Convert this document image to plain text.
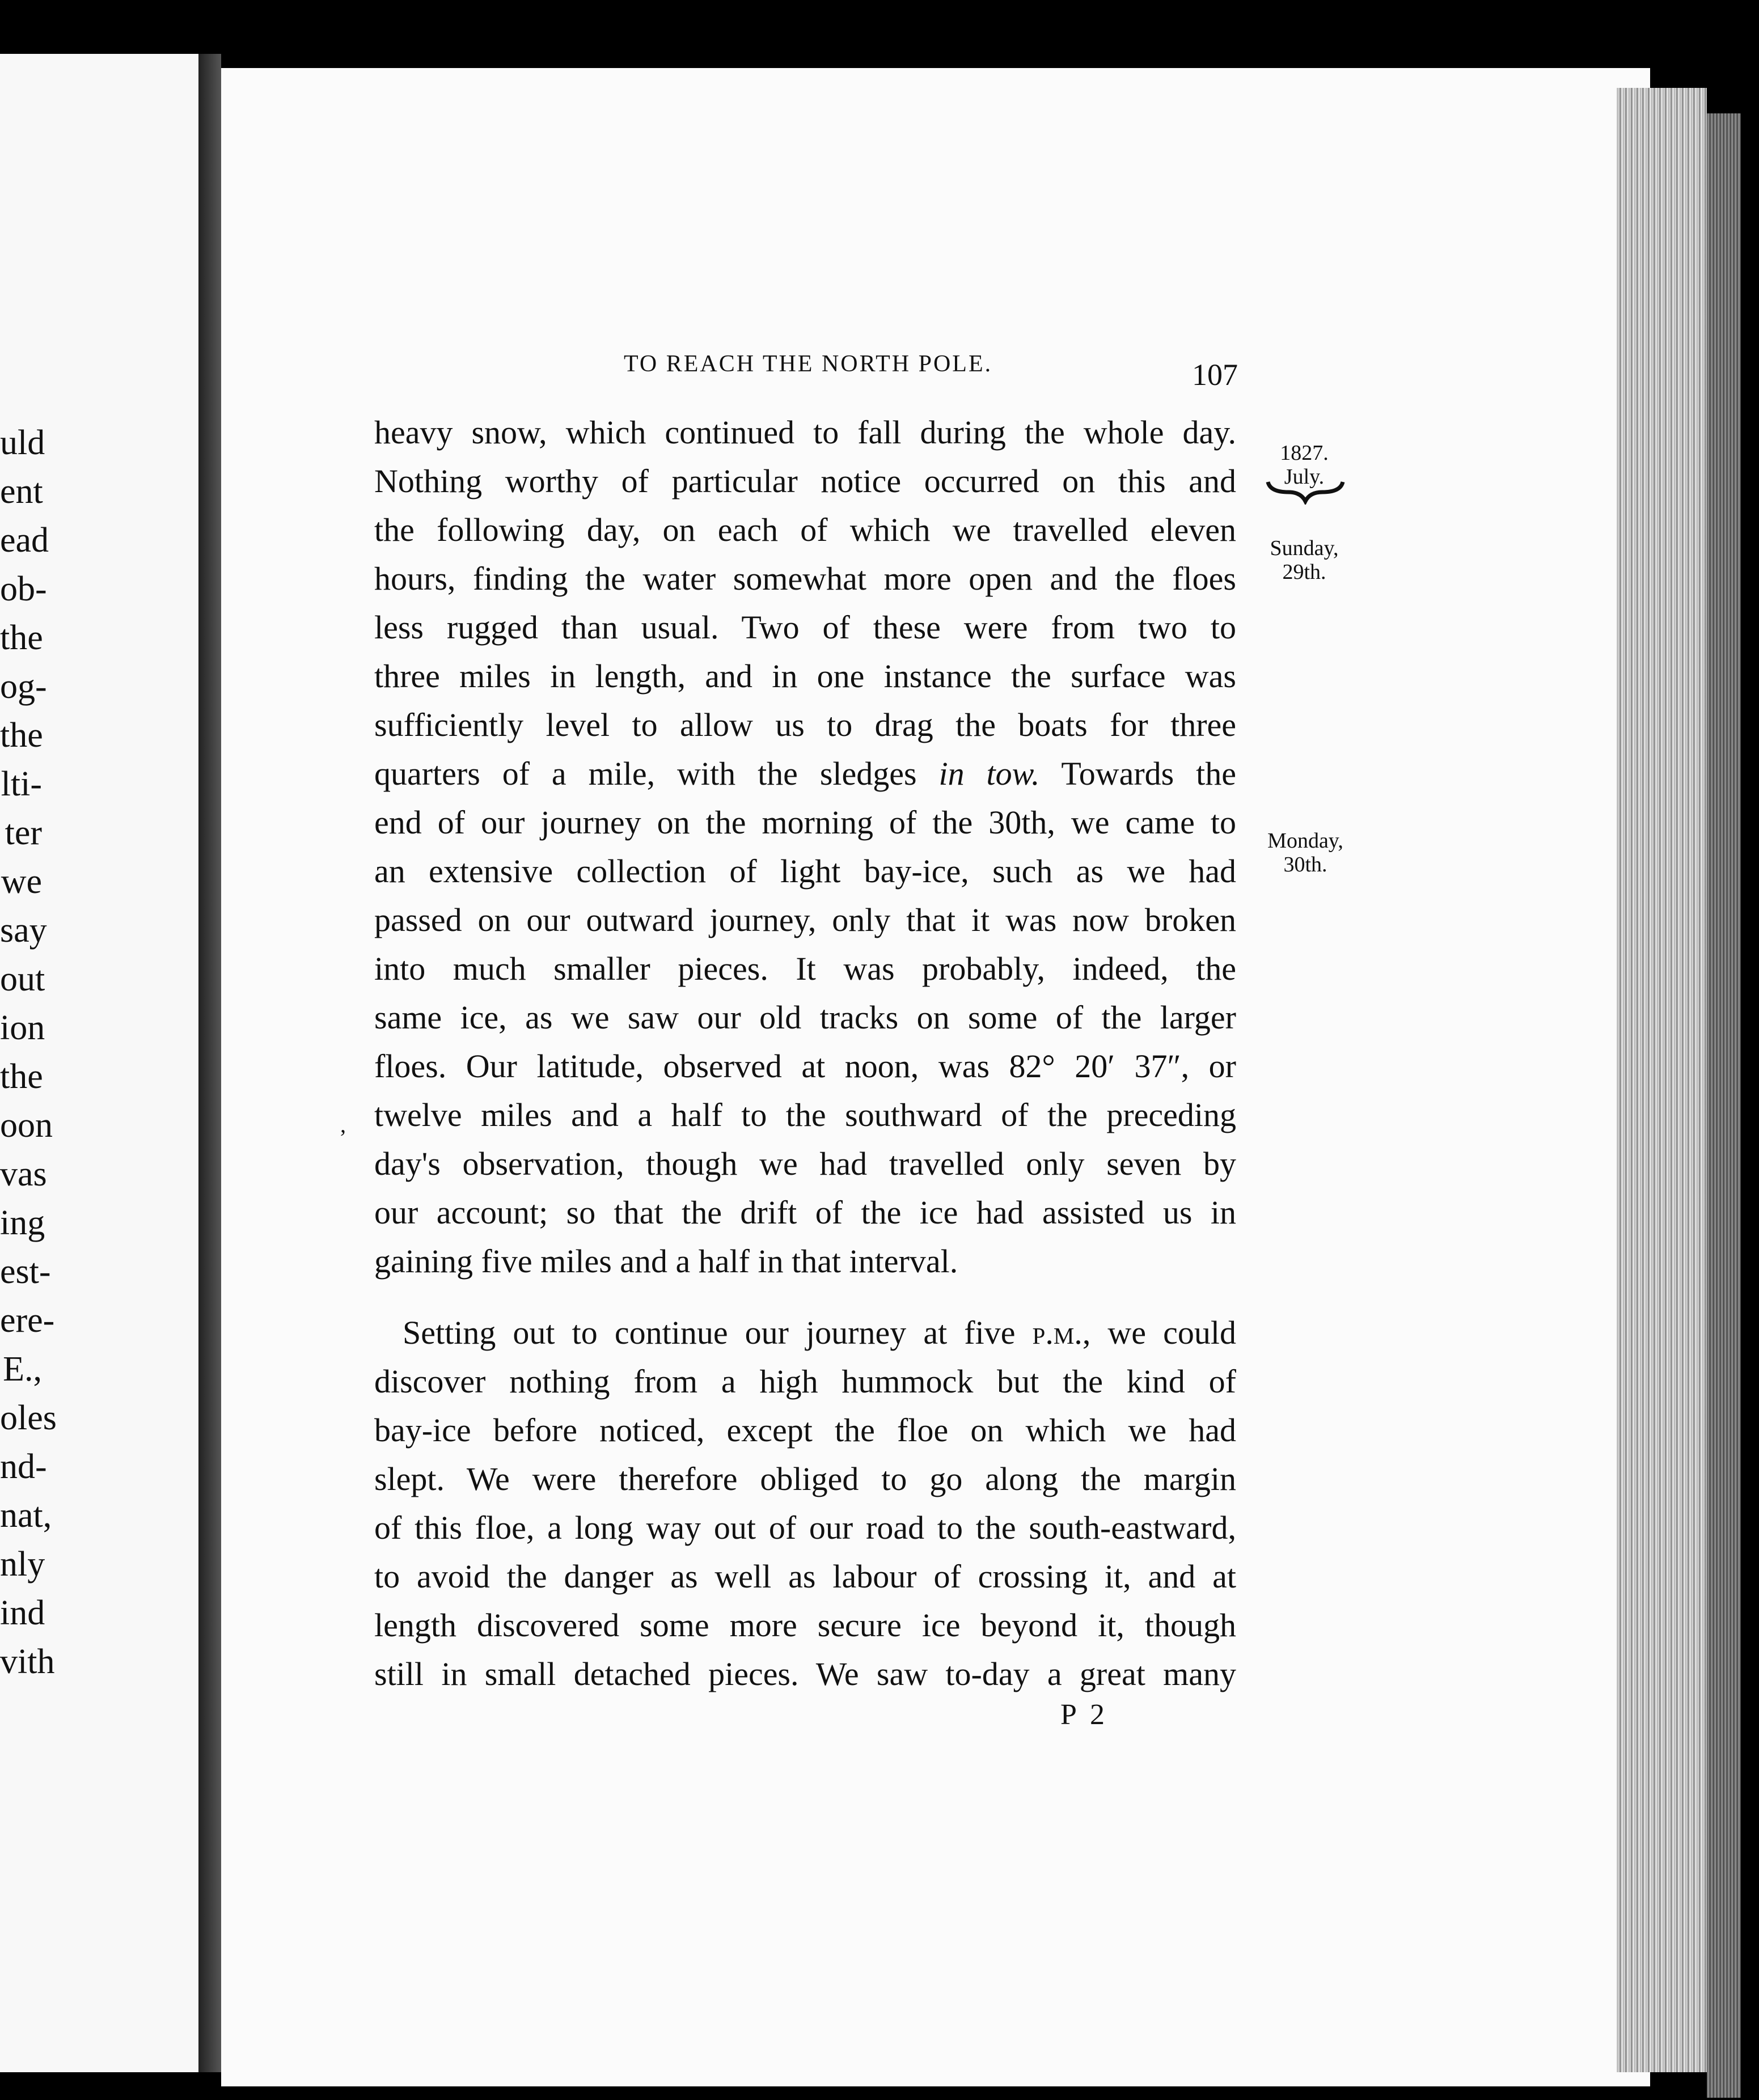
uld
ent
ead
ob-
the
og-
the
lti-
ter
we
say
out
ion
the
oon
vas
ing
est-
ere-
E.,
oles
nd-
nat,
nly
ind
vith
TO REACH THE NORTH POLE.	107
1827.
July.
Sunday,
29th.
Monday,
30th.
,
heavy snow, which continued to fall during the whole day.
Nothing worthy of particular notice occurred on this and
the following day, on each of which we travelled eleven
hours, finding the water somewhat more open and the floes
less rugged than usual. Two of these were from two to
three miles in length, and in one instance the surface was
sufficiently level to allow us to drag the boats for three
quarters of a mile, with the sledges in tow. Towards the
end of our journey on the morning of the 30th, we came to
an extensive collection of light bay-ice, such as we had
passed on our outward journey, only that it was now broken
into much smaller pieces. It was probably, indeed, the
same ice, as we saw our old tracks on some of the larger
floes. Our latitude, observed at noon, was 82° 20′ 37″, or
twelve miles and a half to the southward of the preceding
day's observation, though we had travelled only seven by
our account; so that the drift of the ice had assisted us in
gaining five miles and a half in that interval.
Setting out to continue our journey at five p.m., we could
discover nothing from a high hummock but the kind of
bay-ice before noticed, except the floe on which we had
slept. We were therefore obliged to go along the margin
of this floe, a long way out of our road to the south-eastward,
to avoid the danger as well as labour of crossing it, and at
length discovered some more secure ice beyond it, though
still in small detached pieces. We saw to-day a great many
P 2
